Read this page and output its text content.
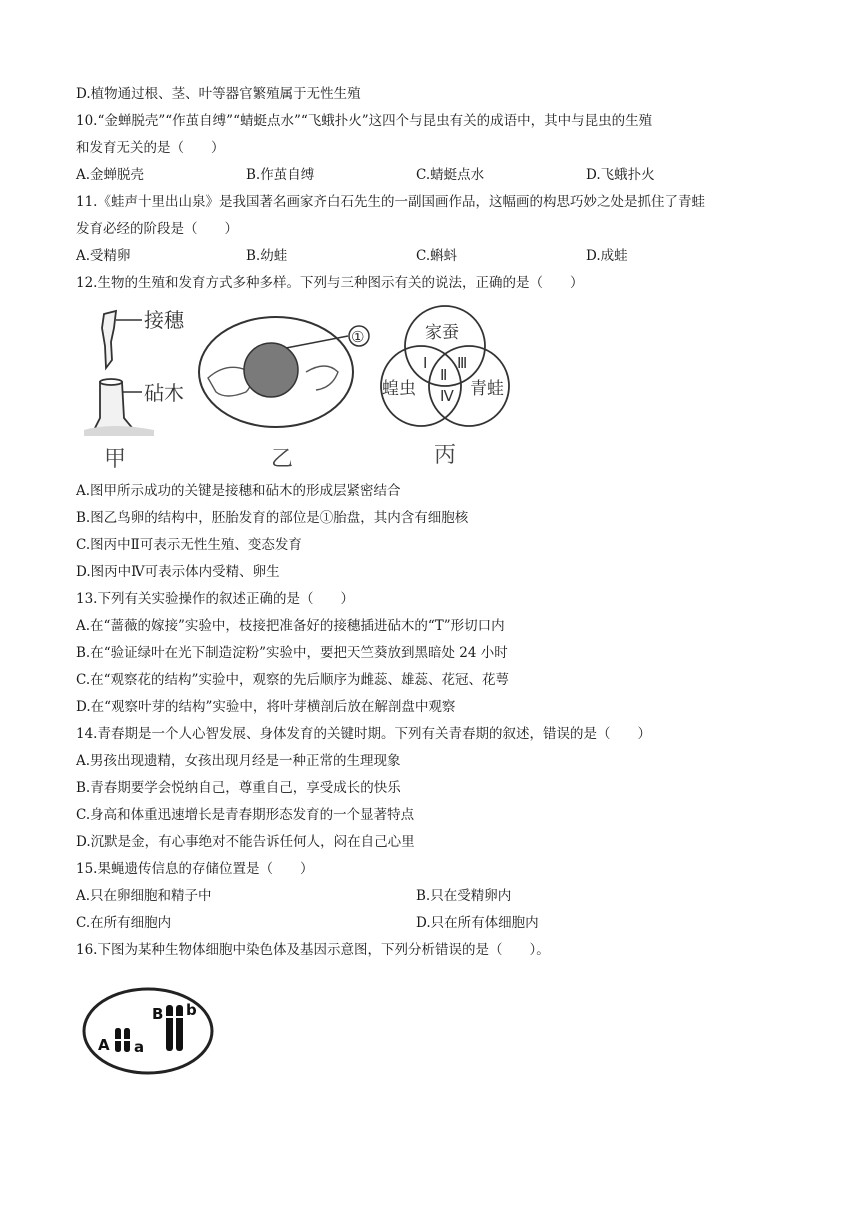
D.植物通过根、茎、叶等器官繁殖属于无性生殖
10.“金蝉脱壳”“作茧自缚”“蜻蜓点水”“飞蛾扑火”这四个与昆虫有关的成语中，其中与昆虫的生殖
和发育无关的是（　　）
A.金蝉脱壳	B.作茧自缚	C.蜻蜓点水	D.飞蛾扑火
11.《蛙声十里出山泉》是我国著名画家齐白石先生的一副国画作品，这幅画的构思巧妙之处是抓住了青蛙
发育必经的阶段是（　　）
A.受精卵	B.幼蛙	C.蝌蚪	D.成蛙
12.生物的生殖和发育方式多种多样。下列与三种图示有关的说法，正确的是（　　）
接穗
砧木
甲
①
乙
家蚕
蝗虫	青蛙
Ⅰ
Ⅱ
Ⅲ
Ⅳ
丙
A.图甲所示成功的关键是接穗和砧木的形成层紧密结合
B.图乙鸟卵的结构中，胚胎发育的部位是①胎盘，其内含有细胞核
C.图丙中Ⅱ可表示无性生殖、变态发育
D.图丙中Ⅳ可表示体内受精、卵生
13.下列有关实验操作的叙述正确的是（　　）
A.在“蔷薇的嫁接”实验中，枝接把准备好的接穗插进砧木的“T”形切口内
B.在“验证绿叶在光下制造淀粉”实验中，要把天竺葵放到黑暗处 24 小时
C.在“观察花的结构”实验中，观察的先后顺序为雌蕊、雄蕊、花冠、花萼
D.在“观察叶芽的结构”实验中，将叶芽横剖后放在解剖盘中观察
14.青春期是一个人心智发展、身体发育的关键时期。下列有关青春期的叙述，错误的是（　　）
A.男孩出现遗精，女孩出现月经是一种正常的生理现象
B.青春期要学会悦纳自己，尊重自己，享受成长的快乐
C.身高和体重迅速增长是青春期形态发育的一个显著特点
D.沉默是金，有心事绝对不能告诉任何人，闷在自己心里
15.果蝇遗传信息的存储位置是（　　）
A.只在卵细胞和精子中	B.只在受精卵内
C.在所有细胞内	D.只在所有体细胞内
16.下图为某种生物体细胞中染色体及基因示意图，下列分析错误的是（　　）。
A a
B b
